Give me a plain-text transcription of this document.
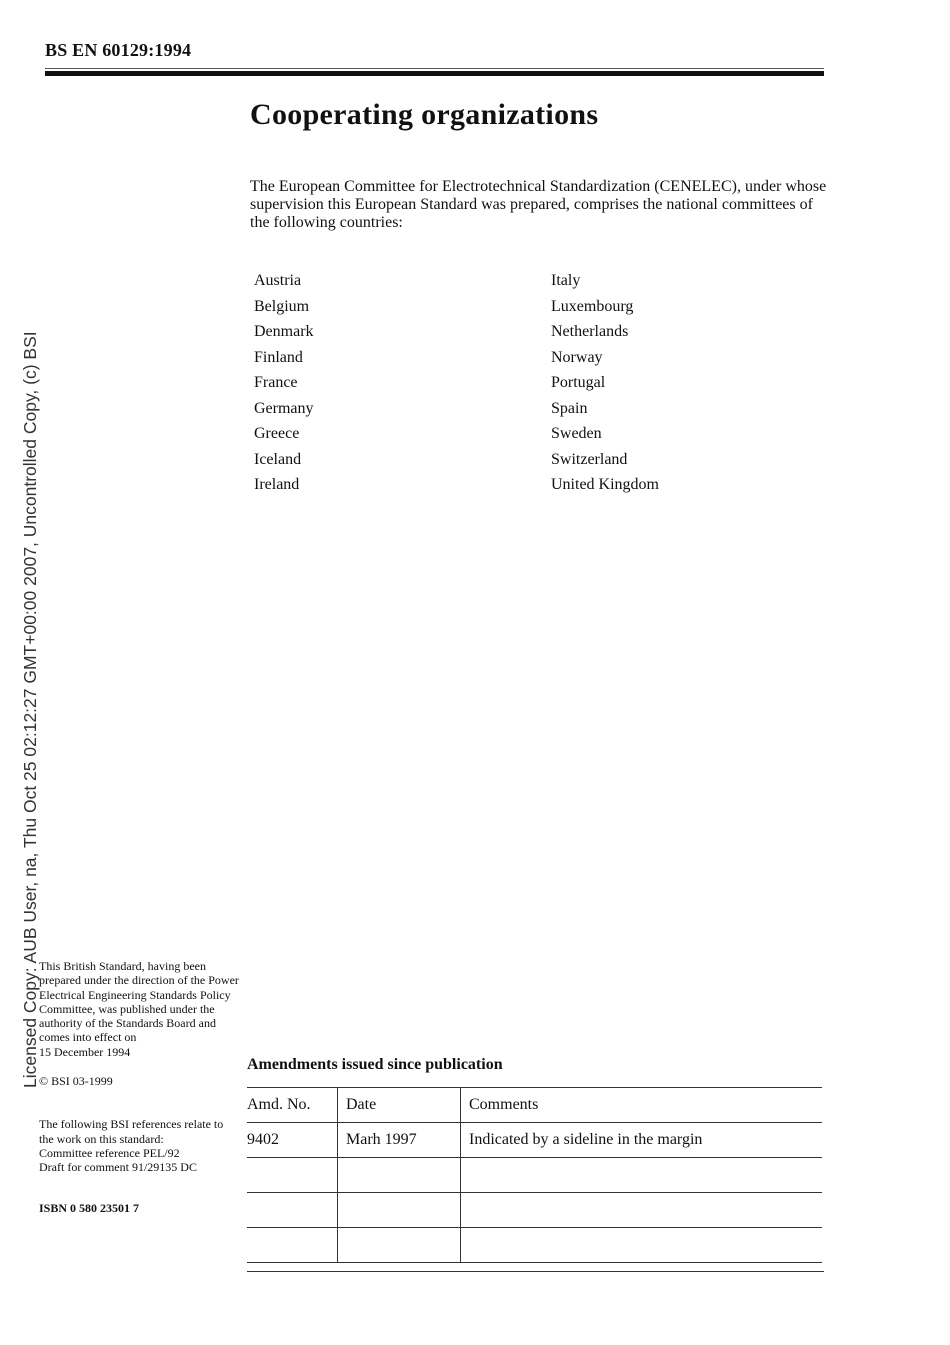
BS EN 60129:1994
Cooperating organizations
The European Committee for Electrotechnical Standardization (CENELEC), under whose supervision this European Standard was prepared, comprises the national committees of the following countries:
Austria
Belgium
Denmark
Finland
France
Germany
Greece
Iceland
Ireland
Italy
Luxembourg
Netherlands
Norway
Portugal
Spain
Sweden
Switzerland
United Kingdom
Licensed Copy: AUB User, na, Thu Oct 25 02:12:27 GMT+00:00 2007, Uncontrolled Copy, (c) BSI This British Standard, having been prepared under the direction of the Power Electrical Engineering Standards Policy Committee, was published under the authority of the Standards Board and comes into effect on
15 December 1994

© BSI 03-1999

The following BSI references relate to the work on this standard:
Committee reference PEL/92
Draft for comment 91/29135 DC

ISBN 0 580 23501 7

Amendments issued since publication
Amd. No.	Date	Comments
9402	Marh 1997	Indicated by a sideline in the margin
